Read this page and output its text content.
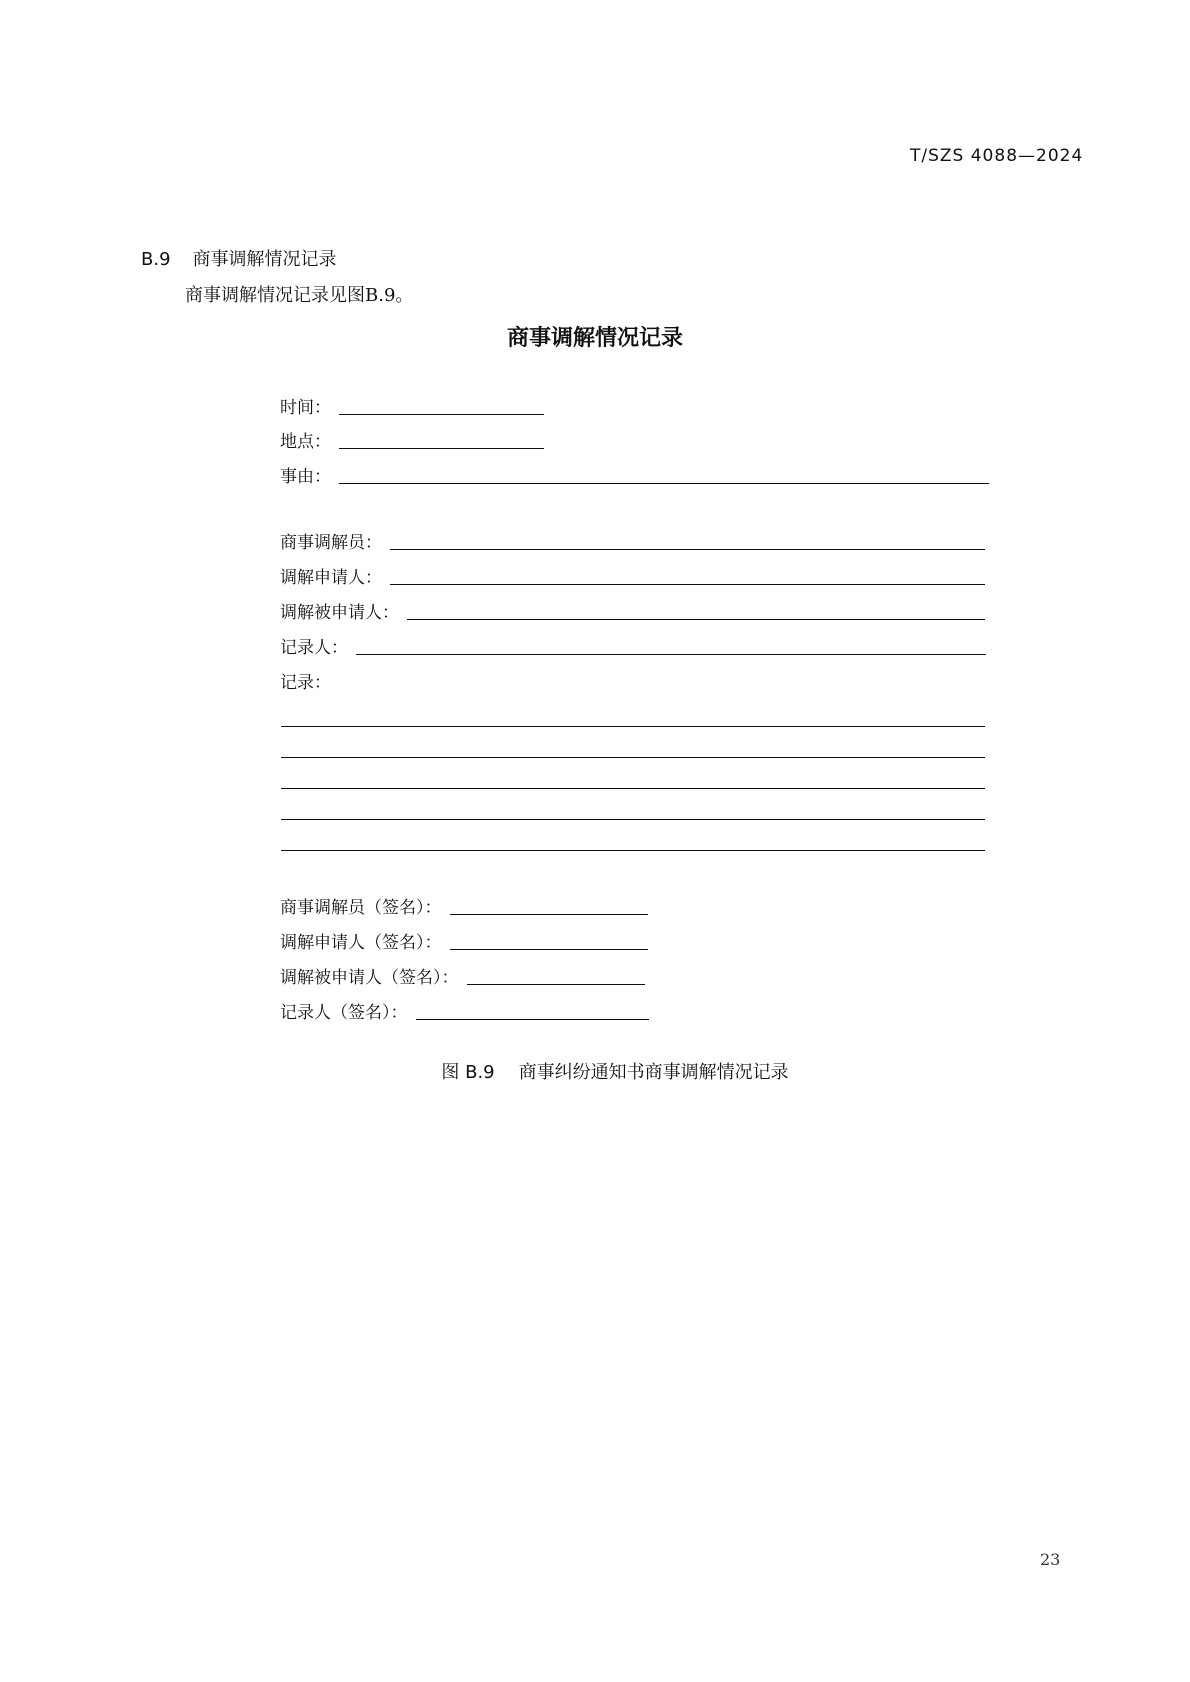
T/SZS 4088—2024
B.9 商事调解情况记录
商事调解情况记录见图B.9。
商事调解情况记录
时间：
地点：
事由：
商事调解员：
调解申请人：
调解被申请人：
记录人：
记录：
商事调解员（签名）：
调解申请人（签名）：
调解被申请人（签名）：
记录人（签名）：
图 B.9 商事纠纷通知书商事调解情况记录
23
